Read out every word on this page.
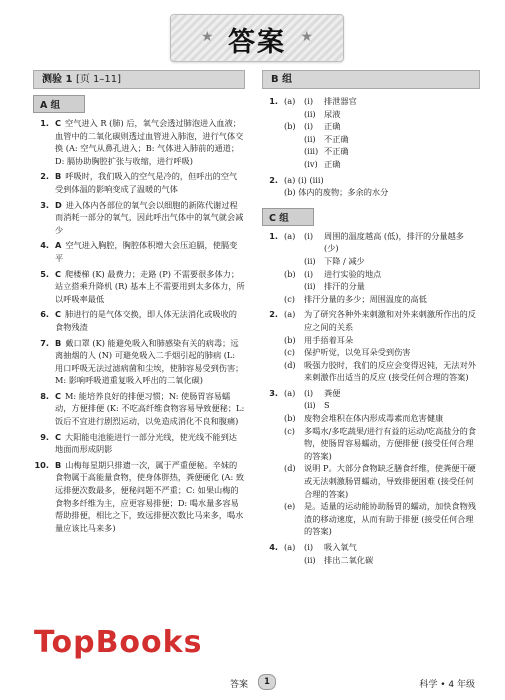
★ 答案	★
测验 1 [页 1–11]
A 组
1. C 空气进入 R (肺) 后，氧气会透过肺泡进入血液；血管中的二氧化碳则透过血管进入肺泡，进行气体交换 (A: 空气从鼻孔进入；B: 气体进入肺前的通道；D: 膈协助胸腔扩张与收缩，进行呼吸)
2. B 呼吸时，我们吸入的空气是冷的，但呼出的空气受到体温的影响变成了温暖的气体
3. D 进入体内各部位的氧气会以细胞的新陈代谢过程而消耗一部分的氧气，因此呼出气体中的氧气就会减少
4. A 空气进入胸腔，胸腔体积增大会压迫膈，使膈变平
5. C 爬楼梯 (K) 最费力；走路 (P) 不需要很多体力；站立搭乘升降机 (R) 基本上不需要用到太多体力，所以呼吸率最低
6. C 肺进行的是气体交换，即人体无法消化或吸收的食物残渣
7. B 戴口罩 (K) 能避免吸入和肺感染有关的病毒；远离抽烟的人 (N) 可避免吸入二手烟引起的肺病 (L: 用口呼吸无法过滤病菌和尘埃，使肺容易受到伤害；M: 影响呼吸道重复吸入呼出的二氧化碳)
8. C M: 能培养良好的排便习惯；N: 使肠胃容易蠕动，方便排便 (K: 不吃高纤维食物容易导致便秘；L: 饭后不宜进行剧烈运动，以免造成消化不良和腹痛)
9. C 大阳能电池能进行一部分光线，使光线不能到达地面而形成阴影
10. B 山梅每星期只排遗一次，属于严重便秘。辛妹的食物属于高能量食物，使身体胖热，粪便硬化 (A: 致远排便次数最多，便秘问题不严重；C: 如果山梅的食物多纤维为主，应更容易排便；D: 喝水量多容易帮助排便，相比之下，致远排便次数比马来多，喝水量应该比马来多)
B 组
1. (a) (i) 排泄器官
(ii) 尿液
(b) (i) 正确
(ii) 不正确
(iii) 不正确
(iv) 正确
2. (a) (i) (iii)
(b) 体内的废物；多余的水分
C 组
1. (a) (i) 周围的温度越高 (低)，排汗的分量越多 (少)
(ii) 下降 / 减少
(b) (i) 进行实验的地点
(ii) 排汗的分量
(c) 排汗分量的多少；周围温度的高低
2. (a) 为了研究各种外来刺激和对外来刺激所作出的反应之间的关系
(b) 用手捂着耳朵
(c) 保护听觉，以免耳朵受到伤害
(d) 吸强力胶时，我们的反应会变得迟钝，无法对外来刺激作出适当的反应 (接受任何合理的答案)
3. (a) (i) 粪便
(ii) S
(b) 废物会堆积在体内形成毒素而危害健康
(c) 多喝水/多吃蔬果/进行有益的运动/吃高盐分的食物，使肠胃容易蠕动，方便排便 (接受任何合理的答案)
(d) 说明 P。大部分食物缺乏膳食纤维，使粪便干硬或无法刺激肠胃蠕动，导致排便困难 (接受任何合理的答案)
(e) 是。适量的运动能协助肠胃的蠕动，加快食物残渣的移动速度，从而有助于排便 (接受任何合理的答案)
4. (a) (i) 吸入氧气
(ii) 排出二氧化碳
TopBooks
答案	1	科学 • 4 年级
